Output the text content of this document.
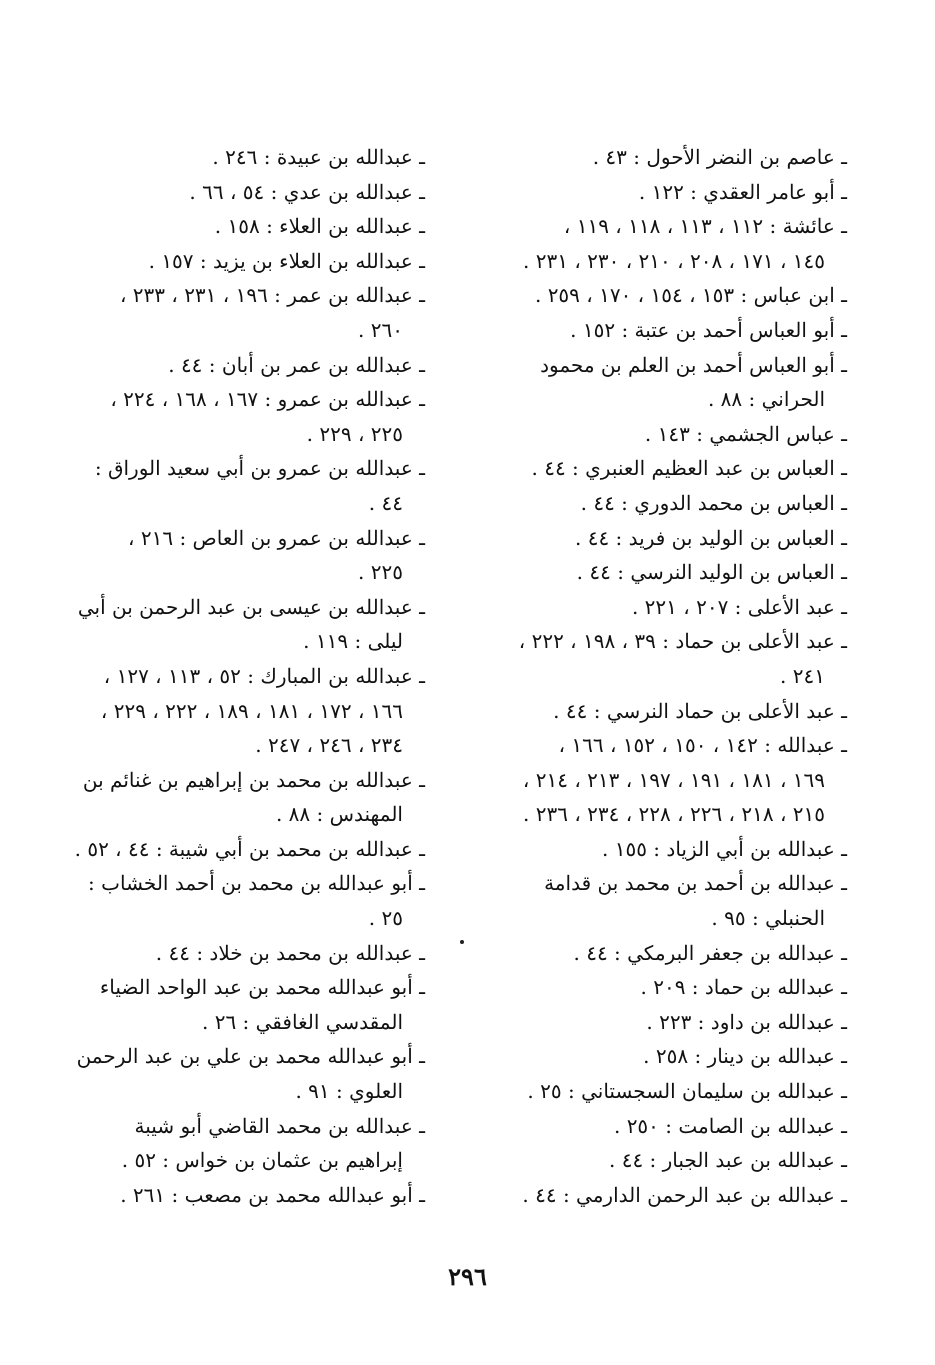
ـ عاصم بن النضر الأحول : ٤٣ .
ـ أبو عامر العقدي : ١٢٢ .
ـ عائشة : ١١٢ ، ١١٣ ، ١١٨ ، ١١٩ ،
١٤٥ ، ١٧١ ، ٢٠٨ ، ٢١٠ ، ٢٣٠ ، ٢٣١ .
ـ ابن عباس : ١٥٣ ، ١٥٤ ، ١٧٠ ، ٢٥٩ .
ـ أبو العباس أحمد بن عتبة : ١٥٢ .
ـ أبو العباس أحمد بن العلم بن محمود
الحراني : ٨٨ .
ـ عباس الجشمي : ١٤٣ .
ـ العباس بن عبد العظيم العنبري : ٤٤ .
ـ العباس بن محمد الدوري : ٤٤ .
ـ العباس بن الوليد بن فريد : ٤٤ .
ـ العباس بن الوليد النرسي : ٤٤ .
ـ عبد الأعلى : ٢٠٧ ، ٢٢١ .
ـ عبد الأعلى بن حماد : ٣٩ ، ١٩٨ ، ٢٢٢ ،
٢٤١ .
ـ عبد الأعلى بن حماد النرسي : ٤٤ .
ـ عبدالله : ١٤٢ ، ١٥٠ ، ١٥٢ ، ١٦٦ ،
١٦٩ ، ١٨١ ، ١٩١ ، ١٩٧ ، ٢١٣ ، ٢١٤ ،
٢١٥ ، ٢١٨ ، ٢٢٦ ، ٢٢٨ ، ٢٣٤ ، ٢٣٦ .
ـ عبدالله بن أبي الزياد : ١٥٥ .
ـ عبدالله بن أحمد بن محمد بن قدامة
الحنبلي : ٩٥ .
ـ عبدالله بن جعفر البرمكي : ٤٤ .
ـ عبدالله بن حماد : ٢٠٩ .
ـ عبدالله بن داود : ٢٢٣ .
ـ عبدالله بن دينار : ٢٥٨ .
ـ عبدالله بن سليمان السجستاني : ٢٥ .
ـ عبدالله بن الصامت : ٢٥٠ .
ـ عبدالله بن عبد الجبار : ٤٤ .
ـ عبدالله بن عبد الرحمن الدارمي : ٤٤ .
ـ عبدالله بن عبيدة : ٢٤٦ .
ـ عبدالله بن عدي : ٥٤ ، ٦٦ .
ـ عبدالله بن العلاء : ١٥٨ .
ـ عبدالله بن العلاء بن يزيد : ١٥٧ .
ـ عبدالله بن عمر : ١٩٦ ، ٢٣١ ، ٢٣٣ ،
٢٦٠ .
ـ عبدالله بن عمر بن أبان : ٤٤ .
ـ عبدالله بن عمرو : ١٦٧ ، ١٦٨ ، ٢٢٤ ،
٢٢٥ ، ٢٢٩ .
ـ عبدالله بن عمرو بن أبي سعيد الوراق :
٤٤ .
ـ عبدالله بن عمرو بن العاص : ٢١٦ ،
٢٢٥ .
ـ عبدالله بن عيسى بن عبد الرحمن بن أبي
ليلى : ١١٩ .
ـ عبدالله بن المبارك : ٥٢ ، ١١٣ ، ١٢٧ ،
١٦٦ ، ١٧٢ ، ١٨١ ، ١٨٩ ، ٢٢٢ ، ٢٢٩ ،
٢٣٤ ، ٢٤٦ ، ٢٤٧ .
ـ عبدالله بن محمد بن إبراهيم بن غنائم بن
المهندس : ٨٨ .
ـ عبدالله بن محمد بن أبي شيبة : ٤٤ ، ٥٢ .
ـ أبو عبدالله بن محمد بن أحمد الخشاب :
٢٥ .
ـ عبدالله بن محمد بن خلاد : ٤٤ .
ـ أبو عبدالله محمد بن عبد الواحد الضياء
المقدسي الغافقي : ٢٦ .
ـ أبو عبدالله محمد بن علي بن عبد الرحمن
العلوي : ٩١ .
ـ عبدالله بن محمد القاضي أبو شيبة
إبراهيم بن عثمان بن خواس : ٥٢ .
ـ أبو عبدالله محمد بن مصعب : ٢٦١ .
٢٩٦
